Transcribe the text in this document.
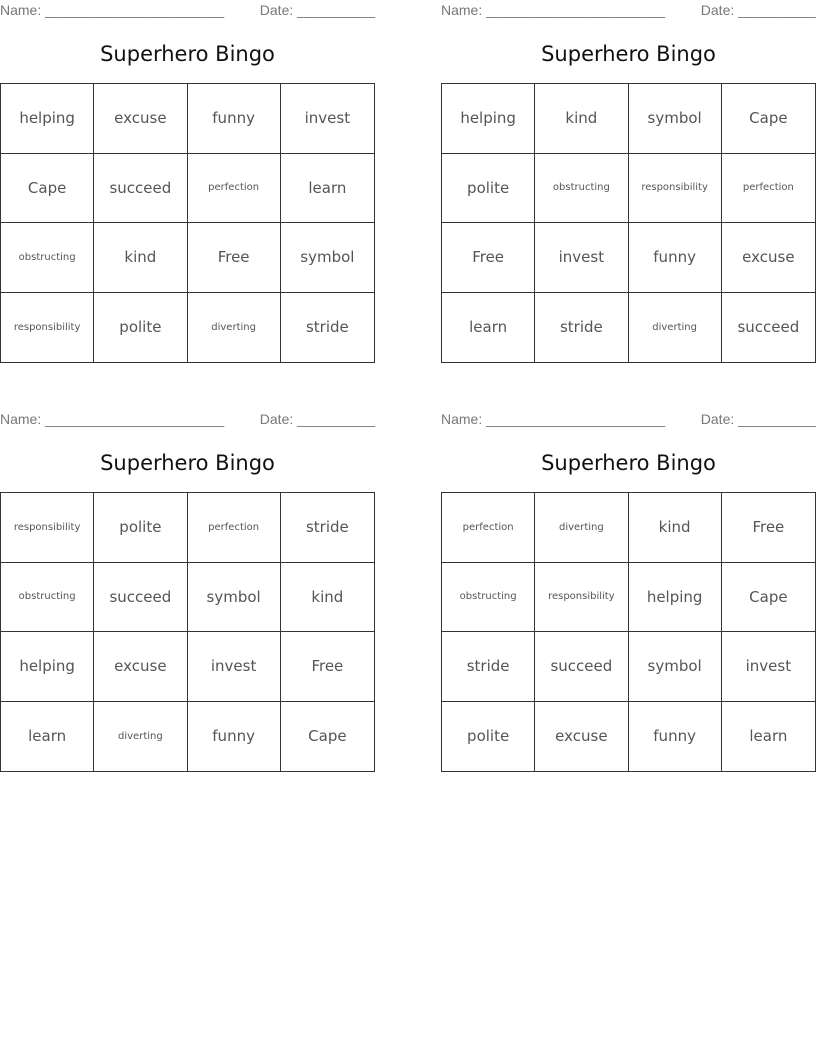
Name: _______________________	Date: __________
Superhero Bingo
helping	excuse	funny	invest
Cape	succeed	perfection	learn
obstructing	kind	Free	symbol
responsibility	polite	diverting	stride
Name: _______________________	Date: __________
Superhero Bingo
helping	kind	symbol	Cape
polite	obstructing	responsibility	perfection
Free	invest	funny	excuse
learn	stride	diverting	succeed
Name: _______________________	Date: __________
Superhero Bingo
responsibility	polite	perfection	stride
obstructing	succeed	symbol	kind
helping	excuse	invest	Free
learn	diverting	funny	Cape
Name: _______________________	Date: __________
Superhero Bingo
perfection	diverting	kind	Free
obstructing	responsibility	helping	Cape
stride	succeed	symbol	invest
polite	excuse	funny	learn
